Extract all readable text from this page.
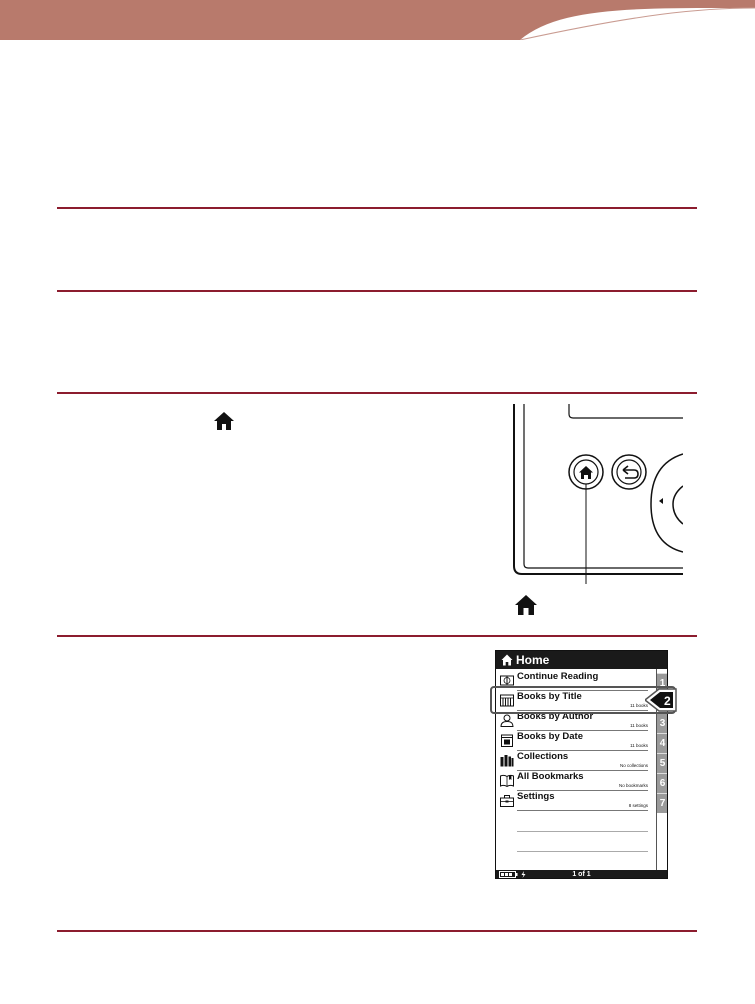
Home
Continue Reading
Books by Title
11 books
Books by Author
11 books
Books by Date
11 books
Collections
No collections
All Bookmarks
No bookmarks
Settings
8 settings
1
3
4
5
6
7
1 of 1
2
